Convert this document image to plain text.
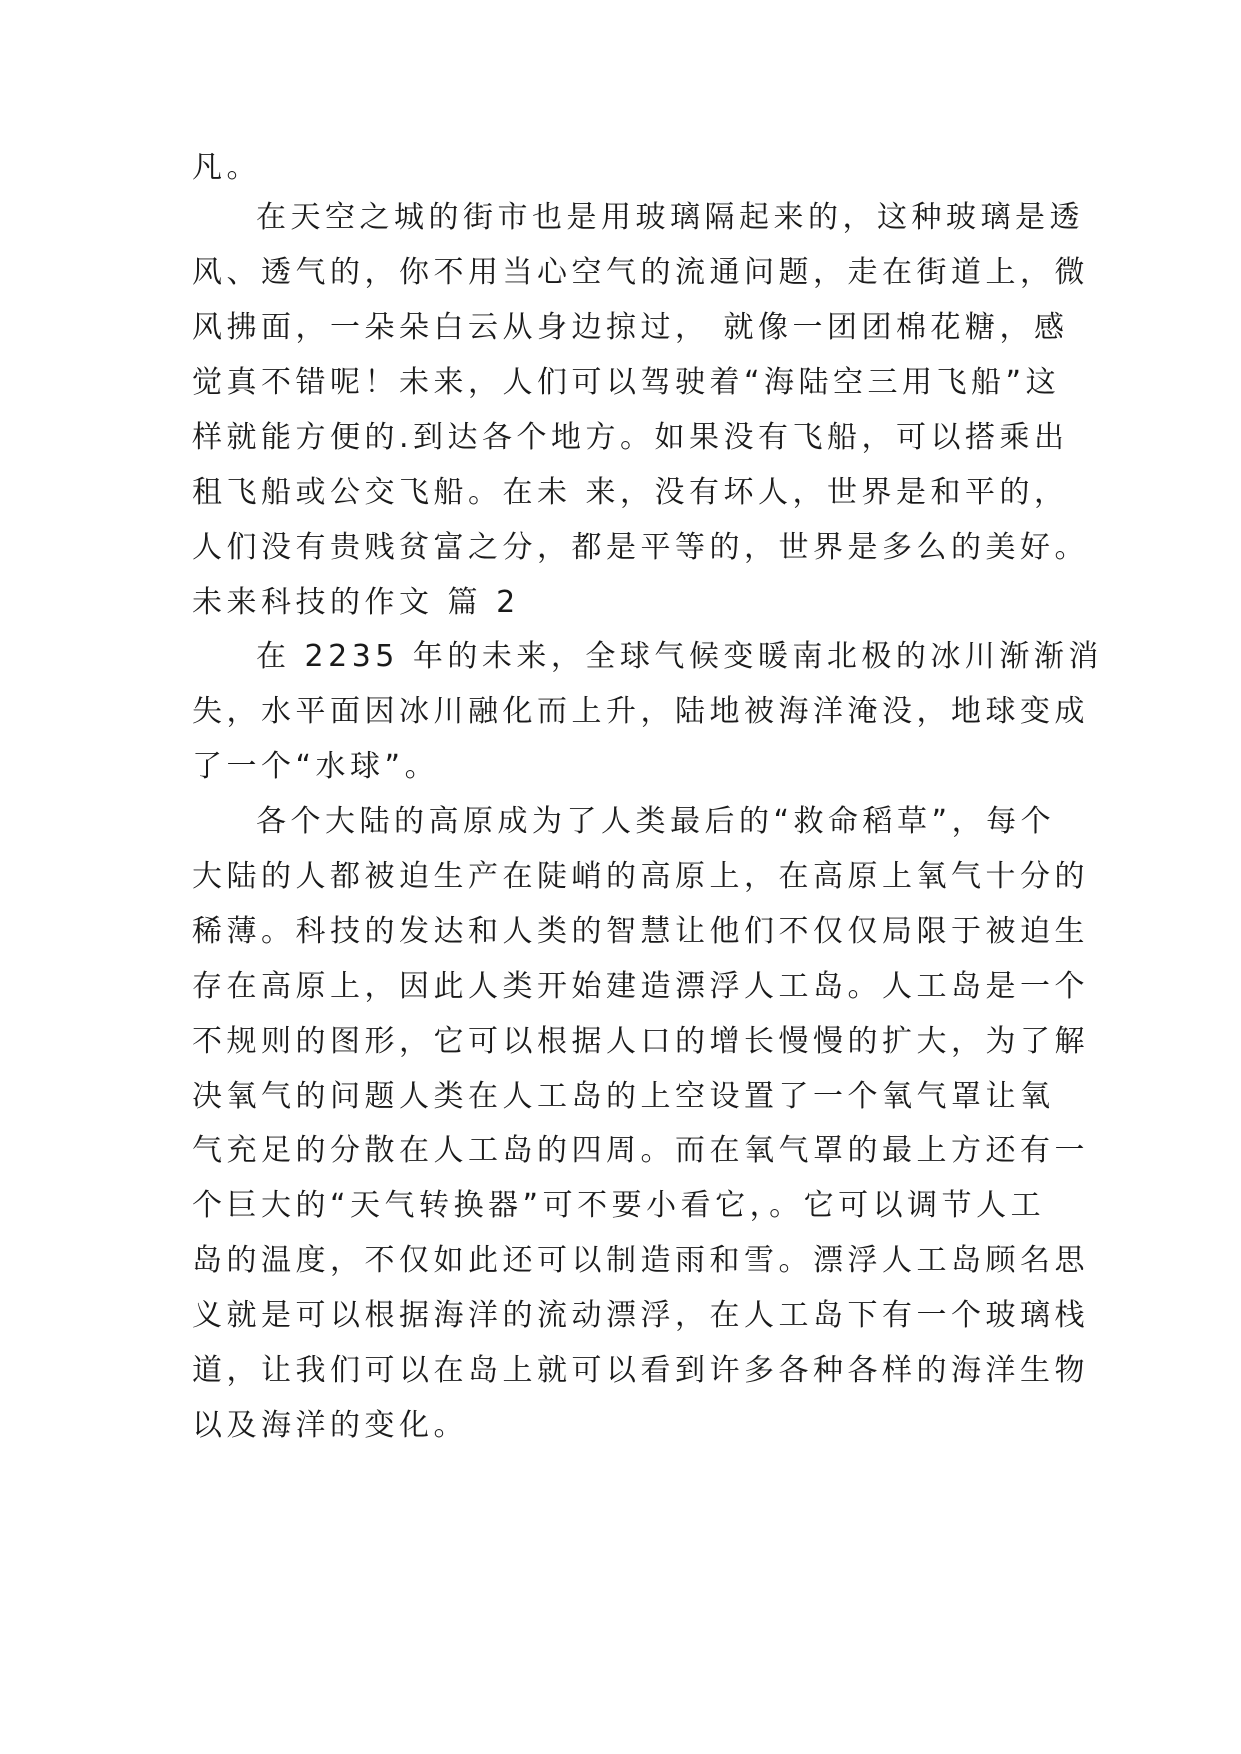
凡。
在天空之城的街市也是用玻璃隔起来的，这种玻璃是透
风、透气的，你不用当心空气的流通问题，走在街道上，微
风拂面，一朵朵白云从身边掠过， 就像一团团棉花糖，感
觉真不错呢！未来，人们可以驾驶着“海陆空三用飞船”这
样就能方便的.到达各个地方。如果没有飞船，可以搭乘出
租飞船或公交飞船。在未 来，没有坏人，世界是和平的，
人们没有贵贱贫富之分，都是平等的，世界是多么的美好。
未来科技的作文 篇 2
在 2235 年的未来，全球气候变暖南北极的冰川渐渐消
失，水平面因冰川融化而上升，陆地被海洋淹没，地球变成
了一个“水球”。
各个大陆的高原成为了人类最后的“救命稻草”，每个
大陆的人都被迫生产在陡峭的高原上，在高原上氧气十分的
稀薄。科技的发达和人类的智慧让他们不仅仅局限于被迫生
存在高原上，因此人类开始建造漂浮人工岛。人工岛是一个
不规则的图形，它可以根据人口的增长慢慢的扩大，为了解
决氧气的问题人类在人工岛的上空设置了一个氧气罩让氧
气充足的分散在人工岛的四周。而在氧气罩的最上方还有一
个巨大的“天气转换器”可不要小看它，。它可以调节人工
岛的温度，不仅如此还可以制造雨和雪。漂浮人工岛顾名思
义就是可以根据海洋的流动漂浮，在人工岛下有一个玻璃栈
道，让我们可以在岛上就可以看到许多各种各样的海洋生物
以及海洋的变化。
